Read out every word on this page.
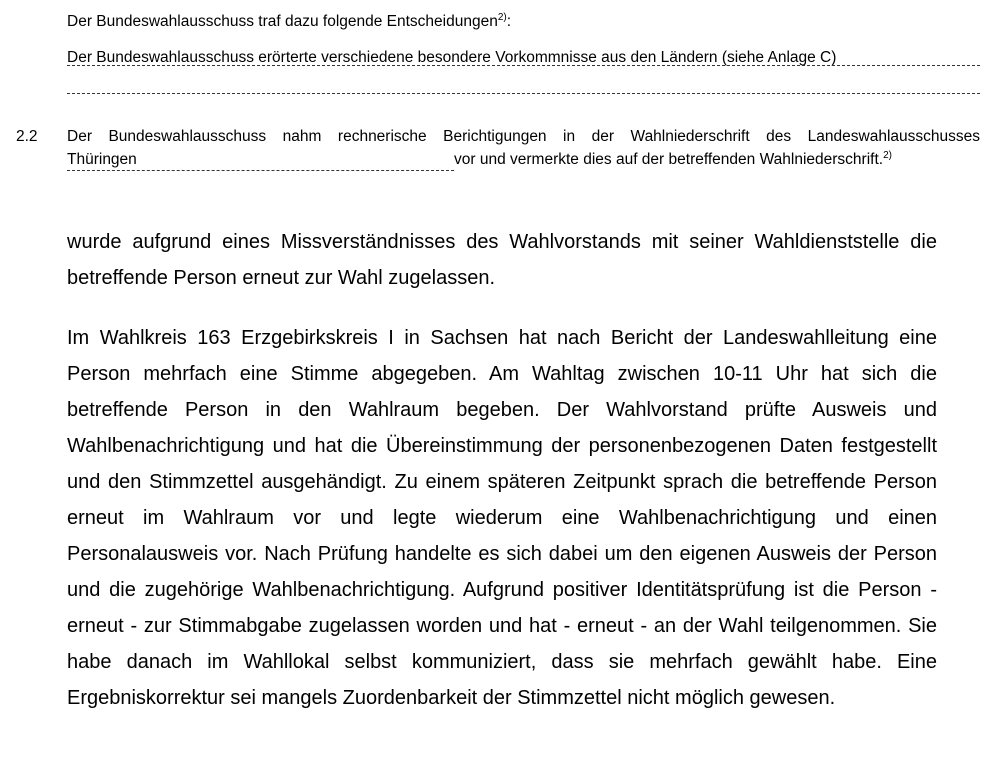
Der Bundeswahlausschuss traf dazu folgende Entscheidungen$^{2)}$:
Der Bundeswahlausschuss erörterte verschiedene besondere Vorkommnisse aus den Ländern (siehe Anlage C)
2.2 Der Bundeswahlausschuss nahm rechnerische Berichtigungen in der Wahlniederschrift des Landeswahlausschusses
Thüringen	vor und vermerkte dies auf der betreffenden Wahlniederschrift.$^{2)}$

wurde aufgrund eines Missverständnisses des Wahlvorstands mit seiner Wahldienststelle die betreffende Person erneut zur Wahl zugelassen.

Im Wahlkreis 163 Erzgebirkskreis I in Sachsen hat nach Bericht der Landeswahlleitung eine Person mehrfach eine Stimme abgegeben. Am Wahltag zwischen 10-11 Uhr hat sich die betreffende Person in den Wahlraum begeben. Der Wahlvorstand prüfte Ausweis und Wahlbenachrichtigung und hat die Übereinstimmung der personenbezogenen Daten festgestellt und den Stimmzettel ausgehändigt. Zu einem späteren Zeitpunkt sprach die betreffende Person erneut im Wahlraum vor und legte wiederum eine Wahlbenachrichtigung und einen Personalausweis vor. Nach Prüfung handelte es sich dabei um den eigenen Ausweis der Person und die zugehörige Wahlbenachrichtigung. Aufgrund positiver Identitätsprüfung ist die Person - erneut - zur Stimmabgabe zugelassen worden und hat - erneut - an der Wahl teilgenommen. Sie habe danach im Wahllokal selbst kommuniziert, dass sie mehrfach gewählt habe. Eine Ergebniskorrektur sei mangels Zuordenbarkeit der Stimmzettel nicht möglich gewesen.
